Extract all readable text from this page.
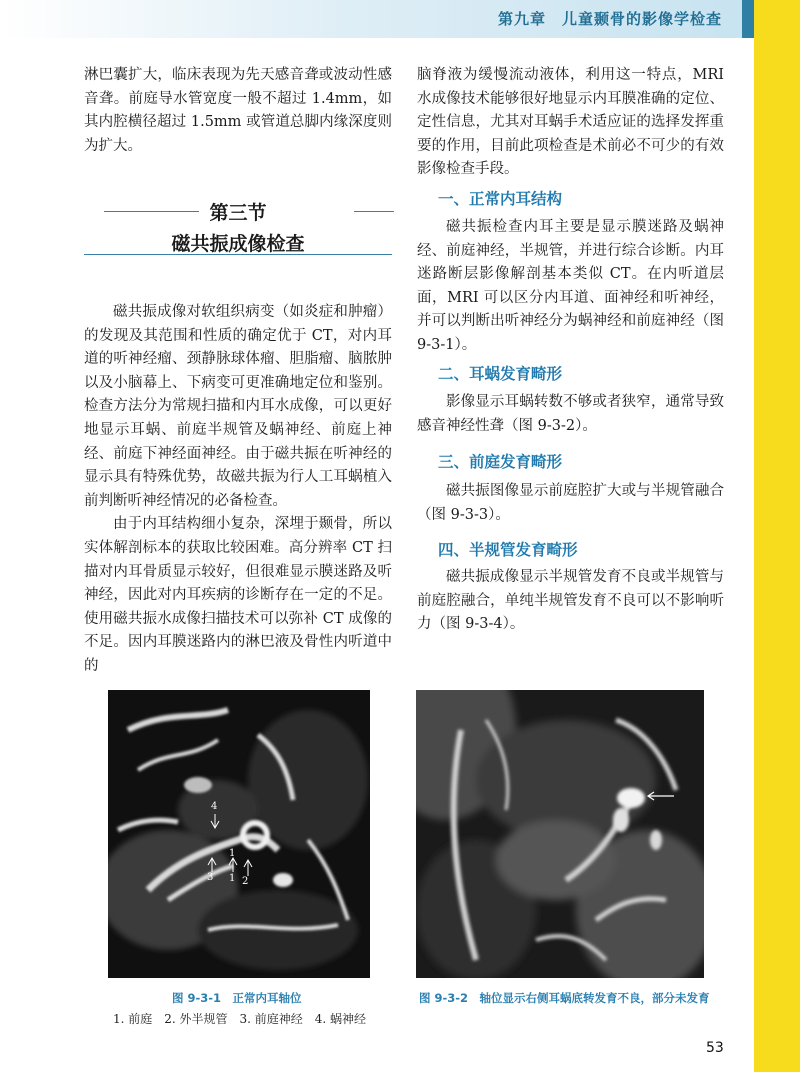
第九章　儿童颞骨的影像学检查

淋巴囊扩大，临床表现为先天感音聋或波动性感音聋。前庭导水管宽度一般不超过 1.4mm，如其内腔横径超过 1.5mm 或管道总脚内缘深度则为扩大。

第三节
磁共振成像检查

磁共振成像对软组织病变（如炎症和肿瘤）的发现及其范围和性质的确定优于 CT，对内耳道的听神经瘤、颈静脉球体瘤、胆脂瘤、脑脓肿以及小脑幕上、下病变可更准确地定位和鉴别。检查方法分为常规扫描和内耳水成像，可以更好地显示耳蜗、前庭半规管及蜗神经、前庭上神经、前庭下神经面神经。由于磁共振在听神经的显示具有特殊优势，故磁共振为行人工耳蜗植入前判断听神经情况的必备检查。

由于内耳结构细小复杂，深埋于颞骨，所以实体解剖标本的获取比较困难。高分辨率 CT 扫描对内耳骨质显示较好，但很难显示膜迷路及听神经，因此对内耳疾病的诊断存在一定的不足。使用磁共振水成像扫描技术可以弥补 CT 成像的不足。因内耳膜迷路内的淋巴液及骨性内听道中的

脑脊液为缓慢流动液体，利用这一特点，MRI 水成像技术能够很好地显示内耳膜准确的定位、定性信息，尤其对耳蜗手术适应证的选择发挥重要的作用，目前此项检查是术前必不可少的有效影像检查手段。

一、正常内耳结构

磁共振检查内耳主要是显示膜迷路及蜗神经、前庭神经，半规管，并进行综合诊断。内耳迷路断层影像解剖基本类似 CT。在内听道层面，MRI 可以区分内耳道、面神经和听神经，并可以判断出听神经分为蜗神经和前庭神经（图 9-3-1）。

二、耳蜗发育畸形

影像显示耳蜗转数不够或者狭窄，通常导致感音神经性聋（图 9-3-2）。

三、前庭发育畸形

磁共振图像显示前庭腔扩大或与半规管融合（图 9-3-3）。

四、半规管发育畸形

磁共振成像显示半规管发育不良或半规管与前庭腔融合，单纯半规管发育不良可以不影响听力（图 9-3-4）。

4
3 1
1
2
图 9-3-1　正常内耳轴位
1. 前庭　2. 外半规管　3. 前庭神经　4. 蜗神经
图 9-3-2　轴位显示右侧耳蜗底转发育不良，部分未发育
53
